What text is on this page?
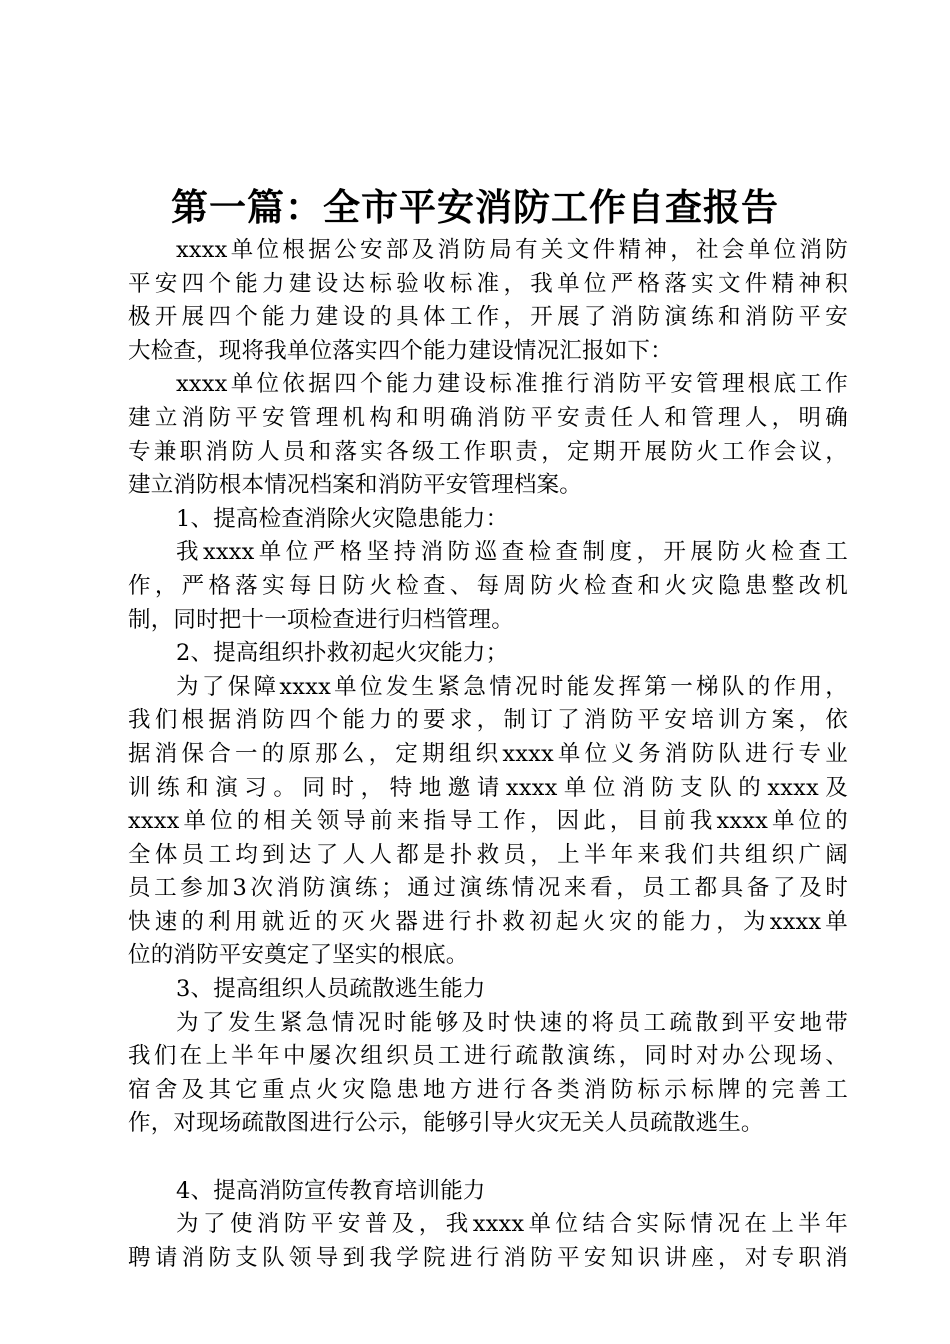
第一篇：全市平安消防工作自查报告
xxxx单位根据公安部及消防局有关文件精神，社会单位消防
平安四个能力建设达标验收标准，我单位严格落实文件精神积
极开展四个能力建设的具体工作，开展了消防演练和消防平安
大检查，现将我单位落实四个能力建设情况汇报如下：
xxxx单位依据四个能力建设标准推行消防平安管理根底工作
建立消防平安管理机构和明确消防平安责任人和管理人，明确
专兼职消防人员和落实各级工作职责，定期开展防火工作会议，
建立消防根本情况档案和消防平安管理档案。
1、提高检查消除火灾隐患能力：
我xxxx单位严格坚持消防巡查检查制度，开展防火检查工
作，严格落实每日防火检查、每周防火检查和火灾隐患整改机
制，同时把十一项检查进行归档管理。
2、提高组织扑救初起火灾能力；
为了保障xxxx单位发生紧急情况时能发挥第一梯队的作用，
我们根据消防四个能力的要求，制订了消防平安培训方案，依
据消保合一的原那么，定期组织xxxx单位义务消防队进行专业
训练和演习。同时，特地邀请xxxx单位消防支队的xxxx及
xxxx单位的相关领导前来指导工作，因此，目前我xxxx单位的
全体员工均到达了人人都是扑救员，上半年来我们共组织广阔
员工参加3次消防演练；通过演练情况来看，员工都具备了及时
快速的利用就近的灭火器进行扑救初起火灾的能力，为xxxx单
位的消防平安奠定了坚实的根底。
3、提高组织人员疏散逃生能力
为了发生紧急情况时能够及时快速的将员工疏散到平安地带
我们在上半年中屡次组织员工进行疏散演练，同时对办公现场、
宿舍及其它重点火灾隐患地方进行各类消防标示标牌的完善工
作，对现场疏散图进行公示，能够引导火灾无关人员疏散逃生。
4、提高消防宣传教育培训能力
为了使消防平安普及，我xxxx单位结合实际情况在上半年
聘请消防支队领导到我学院进行消防平安知识讲座，对专职消
